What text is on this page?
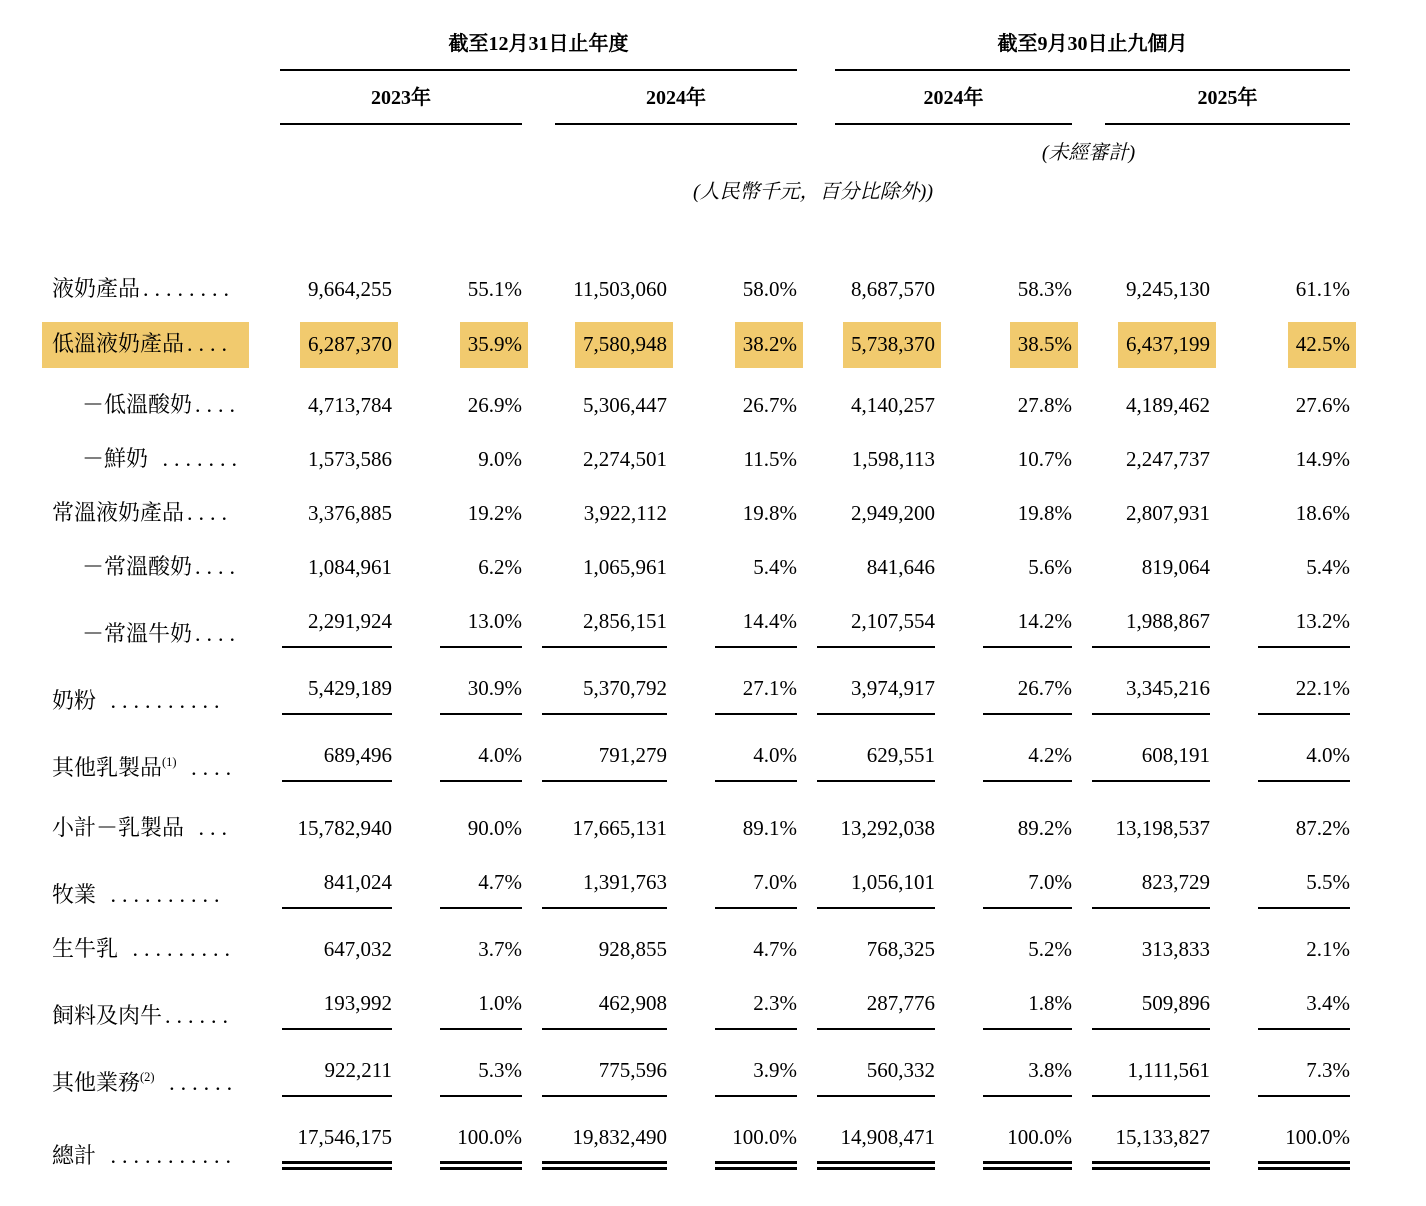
	截至12月31日止年度				截至9月30日止九個月			

	2023年		2024年		2024年		2025年	

					(未經審計)			

	(人民幣千元，百分比除外))							

液奶產品 ........	9,664,255	55.1%	11,503,060	58.0%	8,687,570	58.3%	9,245,130	61.1%

低溫液奶產品 ....	6,287,370	35.9%	7,580,948	38.2%	5,738,370	38.5%	6,437,199	42.5%

－低溫酸奶 ....	4,713,784	26.9%	5,306,447	26.7%	4,140,257	27.8%	4,189,462	27.6%

－鮮奶 .......	1,573,586	9.0%	2,274,501	11.5%	1,598,113	10.7%	2,247,737	14.9%

常溫液奶產品 ....	3,376,885	19.2%	3,922,112	19.8%	2,949,200	19.8%	2,807,931	18.6%

－常溫酸奶 ....	1,084,961	6.2%	1,065,961	5.4%	841,646	5.6%	819,064	5.4%

－常溫牛奶 ....	2,291,924	13.0%	2,856,151	14.4%	2,107,554	14.2%	1,988,867	13.2%

奶粉 ..........	5,429,189	30.9%	5,370,792	27.1%	3,974,917	26.7%	3,345,216	22.1%

其他乳製品$^{(1)}$ ....	689,496	4.0%	791,279	4.0%	629,551	4.2%	608,191	4.0%

小計－乳製品 ...	15,782,940	90.0%	17,665,131	89.1%	13,292,038	89.2%	13,198,537	87.2%

牧業 ..........	841,024	4.7%	1,391,763	7.0%	1,056,101	7.0%	823,729	5.5%

生牛乳 .........	647,032	3.7%	928,855	4.7%	768,325	5.2%	313,833	2.1%

飼料及肉牛 ......	193,992	1.0%	462,908	2.3%	287,776	1.8%	509,896	3.4%

其他業務$^{(2)}$ ......	922,211	5.3%	775,596	3.9%	560,332	3.8%	1,111,561	7.3%

總計 ...........	17,546,175	100.0%	19,832,490	100.0%	14,908,471	100.0%	15,133,827	100.0%
